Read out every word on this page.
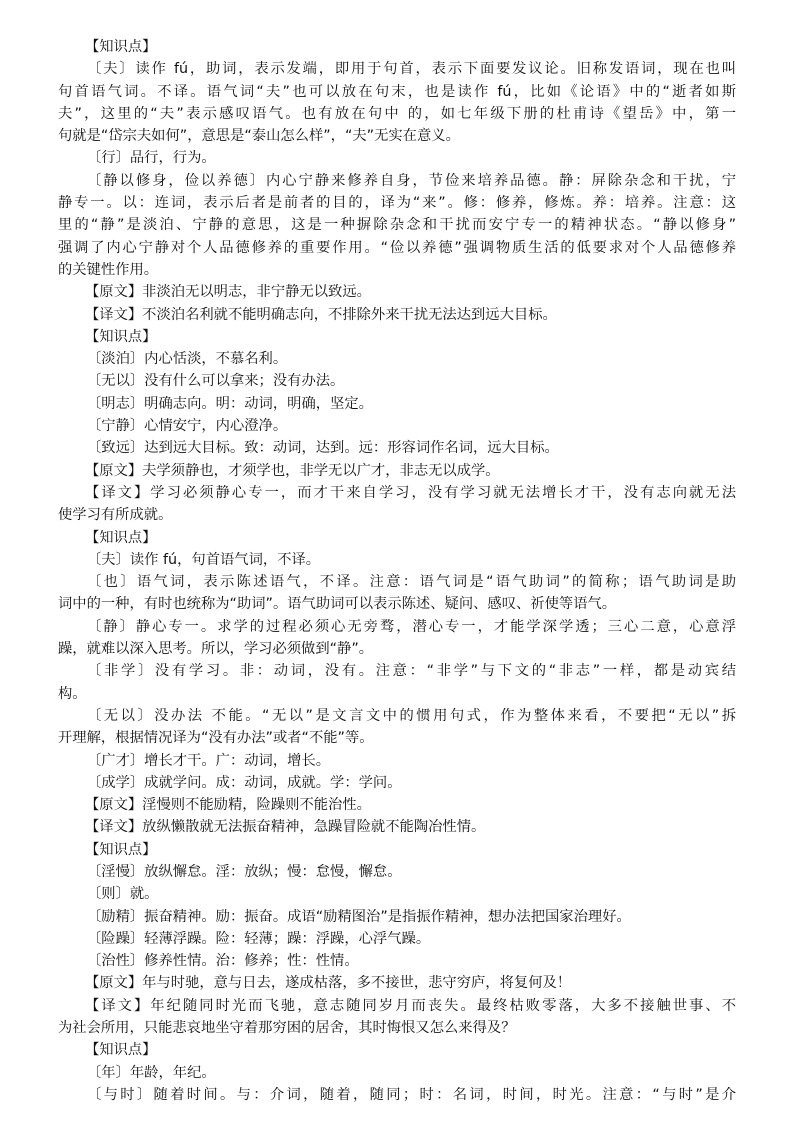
【知识点】
〔夫〕读作 fú，助词，表示发端，即用于句首，表示下面要发议论。旧称发语词，现在也叫
句首语气词。不译。语气词“夫”也可以放在句末，也是读作 fú，比如《论语》中的“逝者如斯
夫”，这里的“夫”表示感叹语气。也有放在句中 的，如七年级下册的杜甫诗《望岳》中，第一
句就是“岱宗夫如何”，意思是“泰山怎么样”，“夫”无实在意义。
〔行〕品行，行为。
〔静以修身，俭以养德〕内心宁静来修养自身，节俭来培养品德。静：屏除杂念和干扰，宁
静专一。以：连词，表示后者是前者的目的，译为“来”。修：修养，修炼。养：培养。注意：这
里的“静”是淡泊、宁静的意思，这是一种摒除杂念和干扰而安宁专一的精神状态。“静以修身”
强调了内心宁静对个人品德修养的重要作用。“俭以养德”强调物质生活的低要求对个人品德修养
的关键性作用。
【原文】非淡泊无以明志，非宁静无以致远。
【译文】不淡泊名利就不能明确志向，不排除外来干扰无法达到远大目标。
【知识点】
〔淡泊〕内心恬淡，不慕名利。
〔无以〕没有什么可以拿来；没有办法。
〔明志〕明确志向。明：动词，明确，坚定。
〔宁静〕心情安宁，内心澄净。
〔致远〕达到远大目标。致：动词，达到。远：形容词作名词，远大目标。
【原文】夫学须静也，才须学也，非学无以广才，非志无以成学。
【译文】学习必须静心专一，而才干来自学习，没有学习就无法增长才干，没有志向就无法
使学习有所成就。
【知识点】
〔夫〕读作 fú，句首语气词，不译。
〔也〕语气词，表示陈述语气，不译。注意：语气词是“语气助词”的简称；语气助词是助
词中的一种，有时也统称为“助词”。语气助词可以表示陈述、疑问、感叹、祈使等语气。
〔静〕静心专一。求学的过程必须心无旁骛，潜心专一，才能学深学透；三心二意，心意浮
躁，就难以深入思考。所以，学习必须做到“静”。
〔非学〕没有学习。非：动词，没有。注意：“非学”与下文的“非志”一样，都是动宾结
构。
〔无以〕没办法 不能。“无以”是文言文中的惯用句式，作为整体来看，不要把“无以”拆
开理解，根据情况译为“没有办法”或者“不能”等。
〔广才〕增长才干。广：动词，增长。
〔成学〕成就学问。成：动词，成就。学：学问。
【原文】淫慢则不能励精，险躁则不能治性。
【译文】放纵懒散就无法振奋精神，急躁冒险就不能陶冶性情。
【知识点】
〔淫慢〕放纵懈怠。淫：放纵；慢：怠慢，懈怠。
〔则〕就。
〔励精〕振奋精神。励：振奋。成语“励精图治”是指振作精神，想办法把国家治理好。
〔险躁〕轻薄浮躁。险：轻薄；躁：浮躁，心浮气躁。
〔治性〕修养性情。治：修养；性：性情。
【原文】年与时驰，意与日去，遂成枯落，多不接世，悲守穷庐，将复何及！
【译文】年纪随同时光而飞驰，意志随同岁月而丧失。最终枯败零落，大多不接触世事、不
为社会所用，只能悲哀地坐守着那穷困的居舍，其时悔恨又怎么来得及？
【知识点】
〔年〕年龄，年纪。
〔与时〕随着时间。与：介词，随着，随同；时：名词，时间，时光。注意：“与时”是介
